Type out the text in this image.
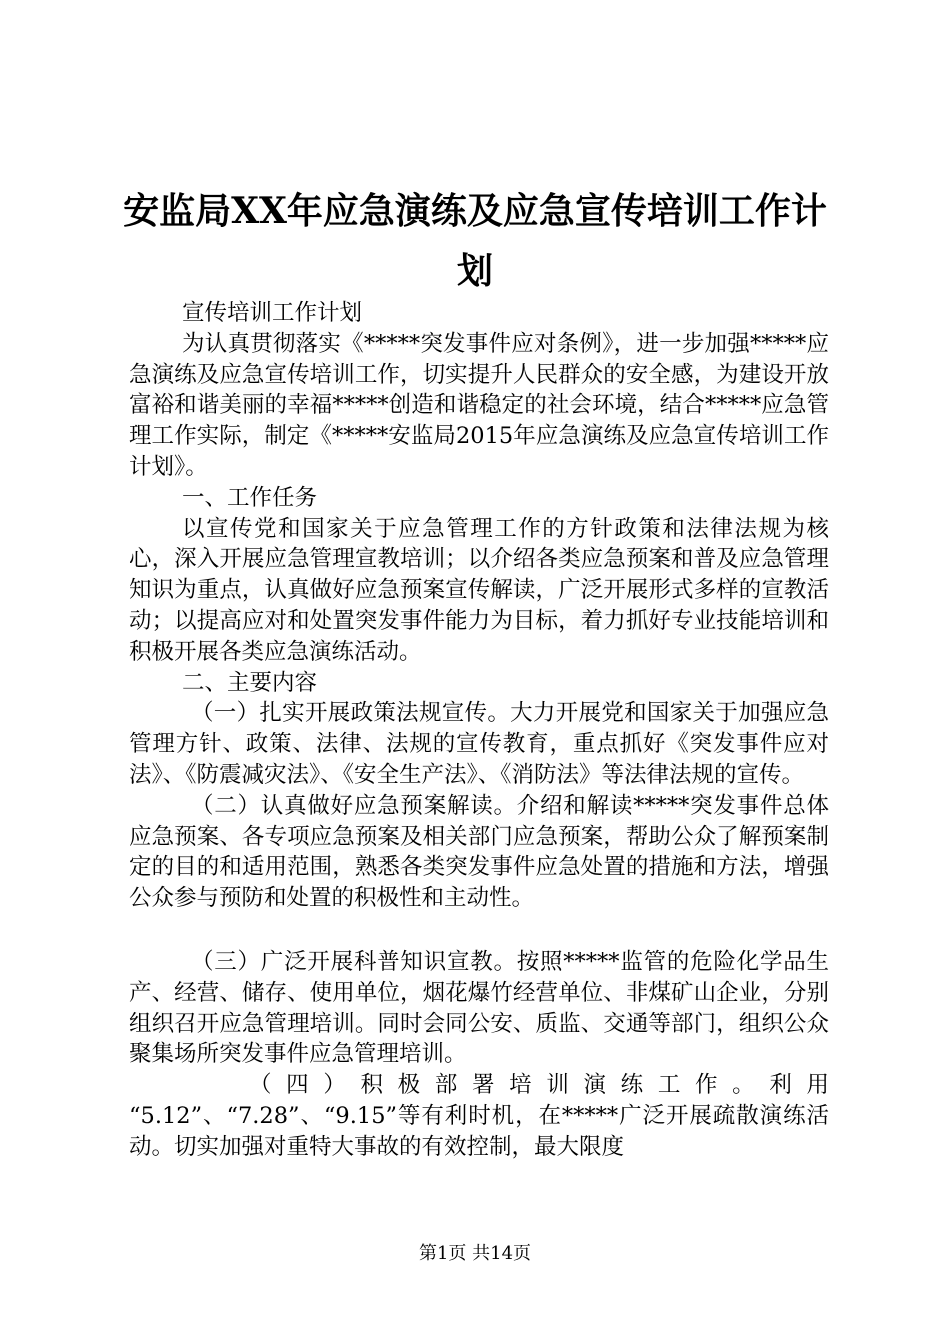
安监局XX年应急演练及应急宣传培训工作计
划

宣传培训工作计划

为认真贯彻落实《*****突发事件应对条例》，进一步加强*****应急演练及应急宣传培训工作，切实提升人民群众的安全感，为建设开放富裕和谐美丽的幸福*****创造和谐稳定的社会环境，结合*****应急管理工作实际，制定《*****安监局2015年应急演练及应急宣传培训工作计划》。

一、工作任务

以宣传党和国家关于应急管理工作的方针政策和法律法规为核心，深入开展应急管理宣教培训；以介绍各类应急预案和普及应急管理知识为重点，认真做好应急预案宣传解读，广泛开展形式多样的宣教活动；以提高应对和处置突发事件能力为目标，着力抓好专业技能培训和积极开展各类应急演练活动。

二、主要内容

（一）扎实开展政策法规宣传。大力开展党和国家关于加强应急管理方针、政策、法律、法规的宣传教育，重点抓好《突发事件应对法》、《防震减灾法》、《安全生产法》、《消防法》等法律法规的宣传。

（二）认真做好应急预案解读。介绍和解读*****突发事件总体应急预案、各专项应急预案及相关部门应急预案，帮助公众了解预案制定的目的和适用范围，熟悉各类突发事件应急处置的措施和方法，增强公众参与预防和处置的积极性和主动性。

（三）广泛开展科普知识宣教。按照*****监管的危险化学品生产、经营、储存、使用单位，烟花爆竹经营单位、非煤矿山企业，分别组织召开应急管理培训。同时会同公安、质监、交通等部门，组织公众聚集场所突发事件应急管理培训。

（四）积极部署培训演练工作。利用

“5.12”、“7.28”、“9.15”等有利时机，在*****广泛开展疏散演练活动。切实加强对重特大事故的有效控制，最大限度

第1页 共14页
